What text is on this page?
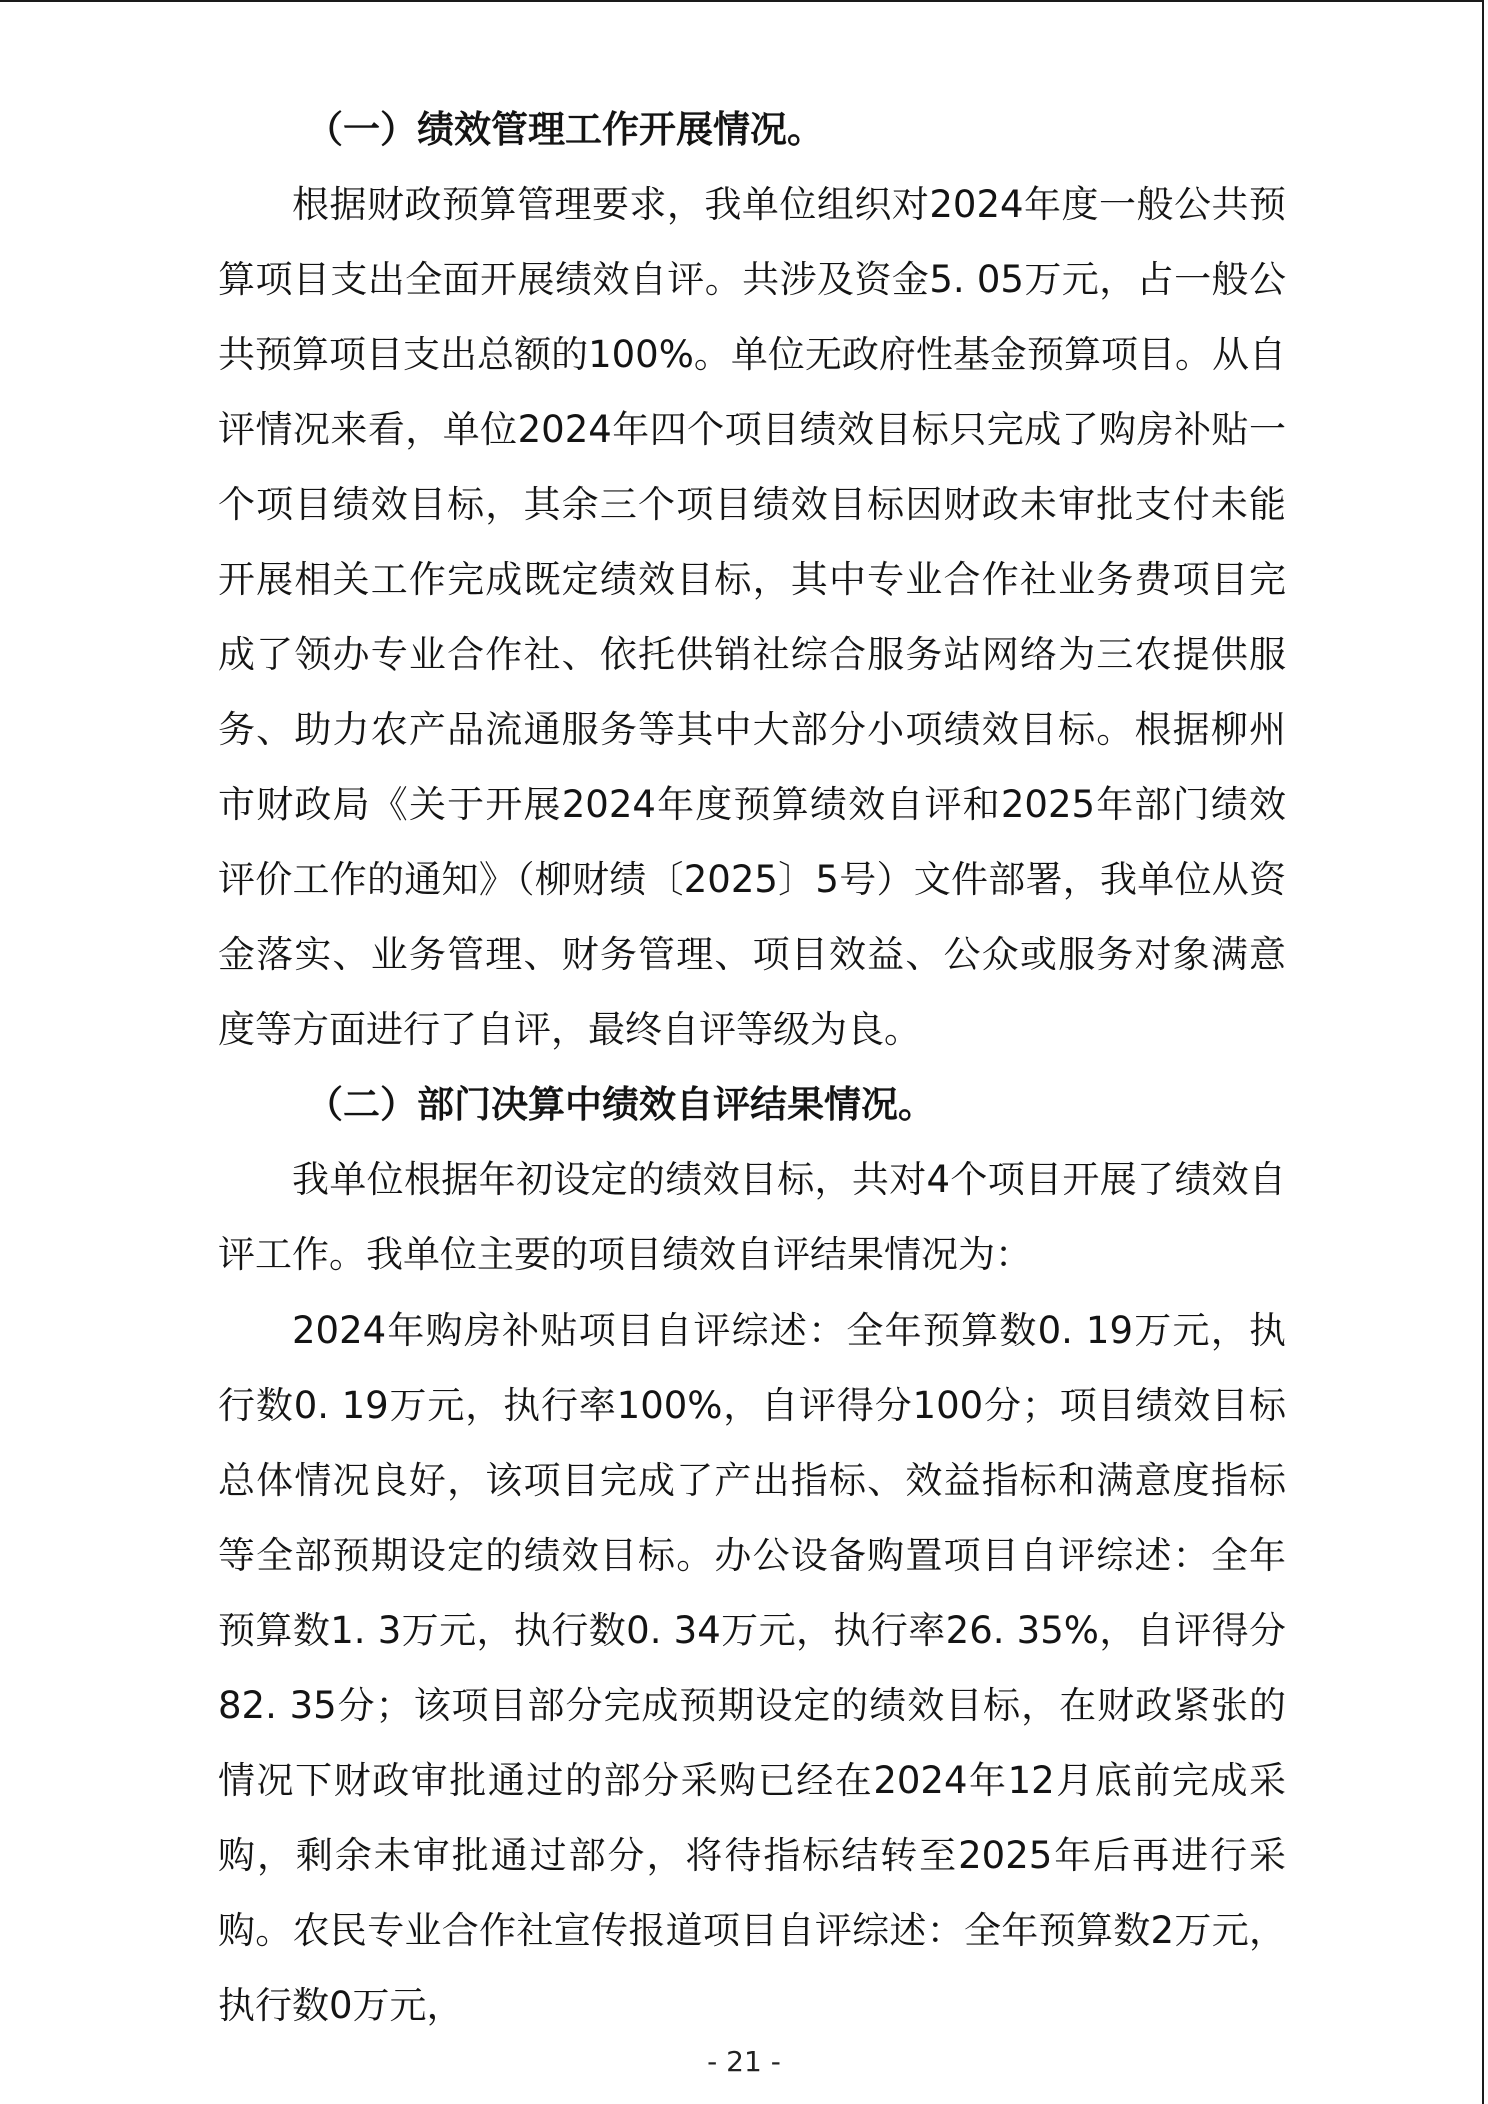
（一）绩效管理工作开展情况。

根据财政预算管理要求，我单位组织对2024年度一般公共预算项目支出全面开展绩效自评。共涉及资金5. 05万元，占一般公共预算项目支出总额的100%。单位无政府性基金预算项目。从自评情况来看，单位2024年四个项目绩效目标只完成了购房补贴一个项目绩效目标，其余三个项目绩效目标因财政未审批支付未能开展相关工作完成既定绩效目标，其中专业合作社业务费项目完成了领办专业合作社、依托供销社综合服务站网络为三农提供服务、助力农产品流通服务等其中大部分小项绩效目标。根据柳州市财政局《关于开展2024年度预算绩效自评和2025年部门绩效评价工作的通知》（柳财绩〔2025〕5号）文件部署，我单位从资金落实、业务管理、财务管理、项目效益、公众或服务对象满意度等方面进行了自评，最终自评等级为良。

（二）部门决算中绩效自评结果情况。

我单位根据年初设定的绩效目标，共对4个项目开展了绩效自评工作。我单位主要的项目绩效自评结果情况为：

2024年购房补贴项目自评综述：全年预算数0. 19万元，执行数0. 19万元，执行率100%，自评得分100分；项目绩效目标总体情况良好，该项目完成了产出指标、效益指标和满意度指标等全部预期设定的绩效目标。办公设备购置项目自评综述：全年预算数1. 3万元，执行数0. 34万元，执行率26. 35%，自评得分82. 35分；该项目部分完成预期设定的绩效目标，在财政紧张的情况下财政审批通过的部分采购已经在2024年12月底前完成采购，剩余未审批通过部分，将待指标结转至2025年后再进行采购。农民专业合作社宣传报道项目自评综述：全年预算数2万元，执行数0万元，

- 21 -
